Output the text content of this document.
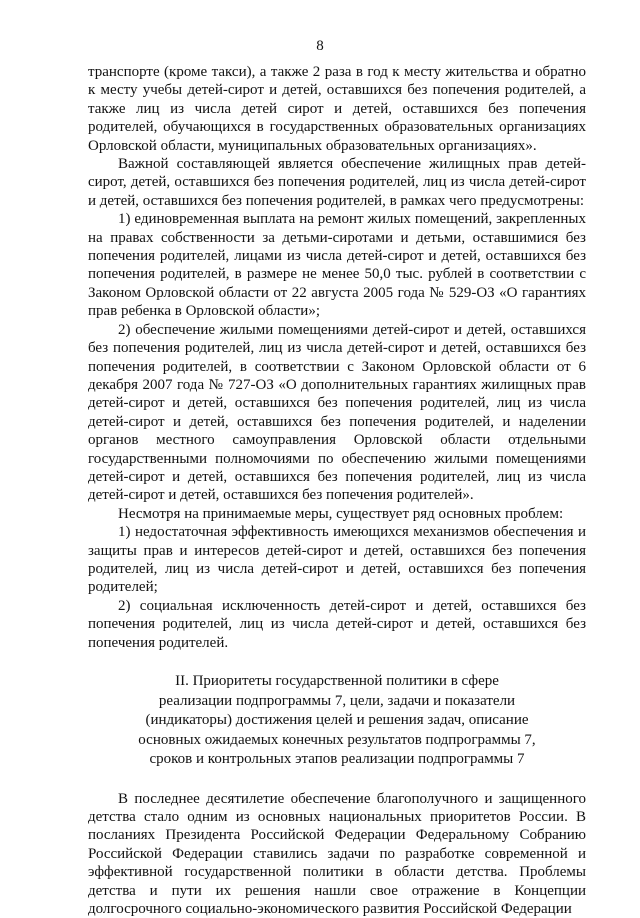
8

транспорте (кроме такси), а также 2 раза в год к месту жительства и обратно к месту учебы детей-сирот и детей, оставшихся без попечения родителей, а также лиц из числа детей сирот и детей, оставшихся без попечения родителей, обучающихся в государственных образовательных организациях Орловской области, муниципальных образовательных организациях».

Важной составляющей является обеспечение жилищных прав детей-сирот, детей, оставшихся без попечения родителей, лиц из числа детей-сирот и детей, оставшихся без попечения родителей, в рамках чего предусмотрены:

1) единовременная выплата на ремонт жилых помещений, закрепленных на правах собственности за детьми-сиротами и детьми, оставшимися без попечения родителей, лицами из числа детей-сирот и детей, оставшихся без попечения родителей, в размере не менее 50,0 тыс. рублей в соответствии с Законом Орловской области от 22 августа 2005 года № 529-ОЗ «О гарантиях прав ребенка в Орловской области»;

2) обеспечение жилыми помещениями детей-сирот и детей, оставшихся без попечения родителей, лиц из числа детей-сирот и детей, оставшихся без попечения родителей, в соответствии с Законом Орловской области от 6 декабря 2007 года № 727-ОЗ «О дополнительных гарантиях жилищных прав детей-сирот и детей, оставшихся без попечения родителей, лиц из числа детей-сирот и детей, оставшихся без попечения родителей, и наделении органов местного самоуправления Орловской области отдельными государственными полномочиями по обеспечению жилыми помещениями детей-сирот и детей, оставшихся без попечения родителей, лиц из числа детей-сирот и детей, оставшихся без попечения родителей».

Несмотря на принимаемые меры, существует ряд основных проблем:

1) недостаточная эффективность имеющихся механизмов обеспечения и защиты прав и интересов детей-сирот и детей, оставшихся без попечения родителей, лиц из числа детей-сирот и детей, оставшихся без попечения родителей;

2) социальная исключенность детей-сирот и детей, оставшихся без попечения родителей, лиц из числа детей-сирот и детей, оставшихся без попечения родителей.

II. Приоритеты государственной политики в сфере
реализации подпрограммы 7, цели, задачи и показатели
(индикаторы) достижения целей и решения задач, описание
основных ожидаемых конечных результатов подпрограммы 7,
сроков и контрольных этапов реализации подпрограммы 7

В последнее десятилетие обеспечение благополучного и защищенного детства стало одним из основных национальных приоритетов России. В посланиях Президента Российской Федерации Федеральному Собранию Российской Федерации ставились задачи по разработке современной и эффективной государственной политики в области детства. Проблемы детства и пути их решения нашли свое отражение в Концепции долгосрочного социально-экономического развития Российской Федерации
